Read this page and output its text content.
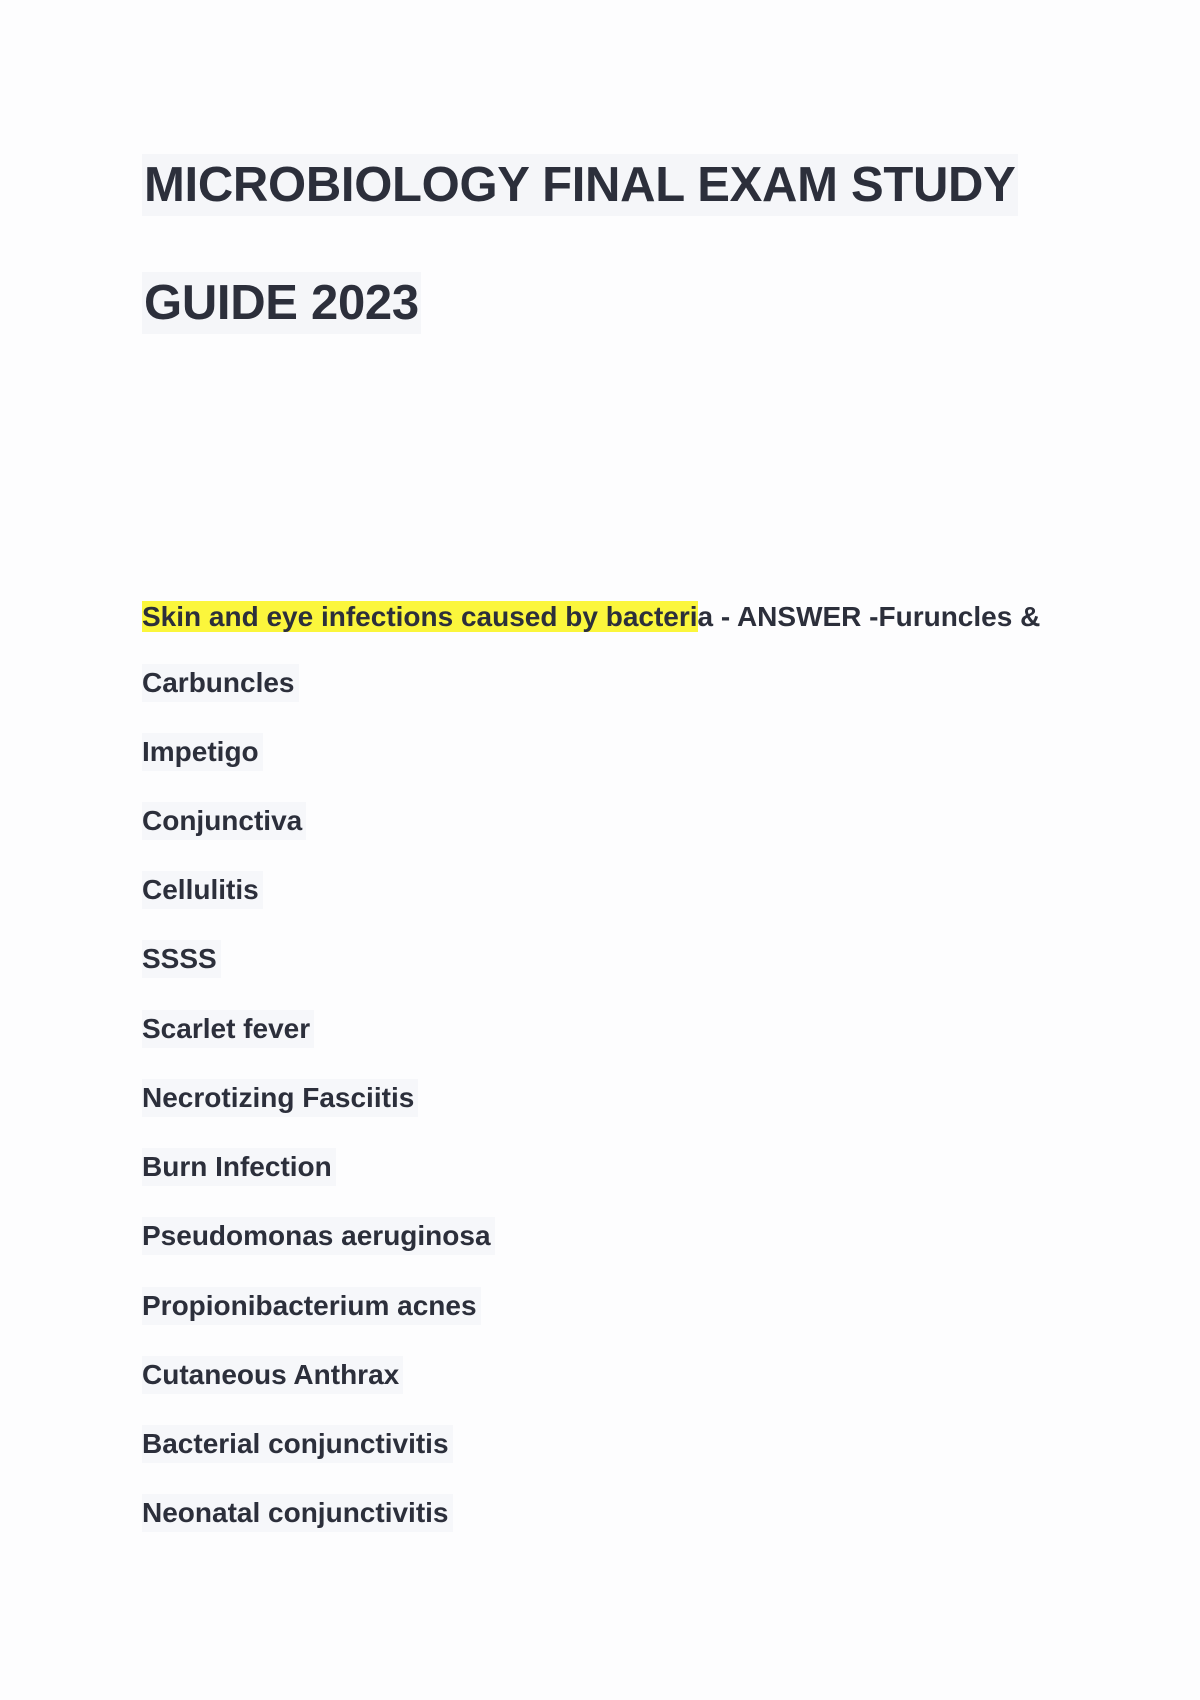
MICROBIOLOGY FINAL EXAM STUDY
GUIDE 2023
Skin and eye infections caused by bacteria - ANSWER -Furuncles &
Carbuncles
Impetigo
Conjunctiva
Cellulitis
SSSS
Scarlet fever
Necrotizing Fasciitis
Burn Infection
Pseudomonas aeruginosa
Propionibacterium acnes
Cutaneous Anthrax
Bacterial conjunctivitis
Neonatal conjunctivitis
